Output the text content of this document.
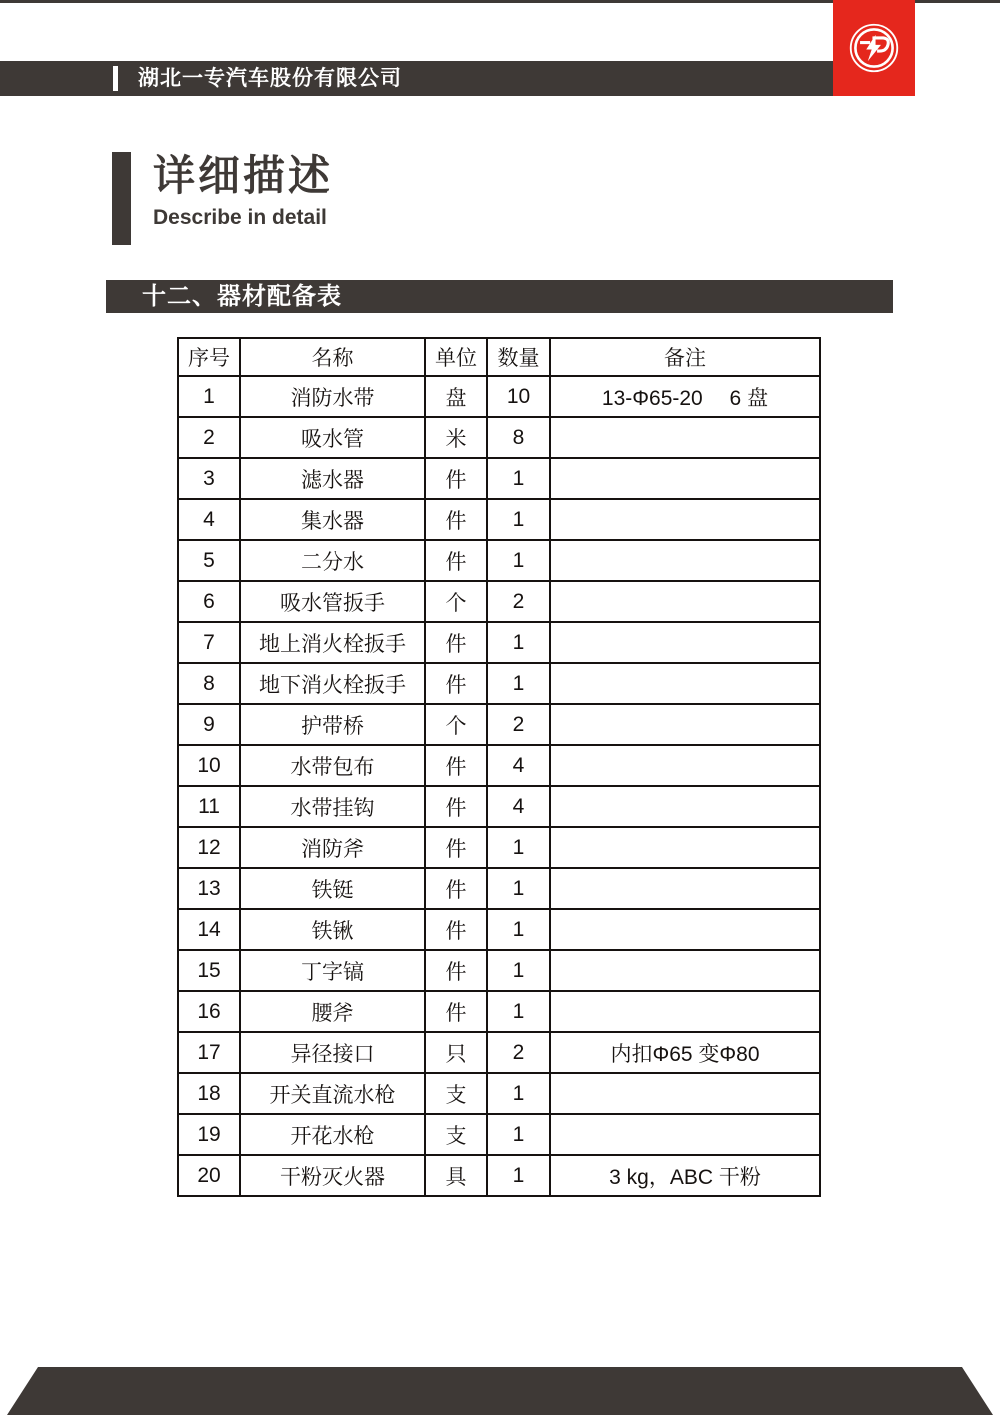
湖北一专汽车股份有限公司
详细描述
Describe in detail
十二、器材配备表
序号	名称	单位	数量	备注
1	消防水带	盘	10	13-Φ65-20　 6 盘
2	吸水管	米	8	
3	滤水器	件	1	
4	集水器	件	1	
5	二分水	件	1	
6	吸水管扳手	个	2	
7	地上消火栓扳手	件	1	
8	地下消火栓扳手	件	1	
9	护带桥	个	2	
10	水带包布	件	4	
11	水带挂钩	件	4	
12	消防斧	件	1	
13	铁铤	件	1	
14	铁锹	件	1	
15	丁字镐	件	1	
16	腰斧	件	1	
17	异径接口	只	2	内扣Φ65 变Φ80
18	开关直流水枪	支	1	
19	开花水枪	支	1	
20	干粉灭火器	具	1	3 kg，ABC 干粉
